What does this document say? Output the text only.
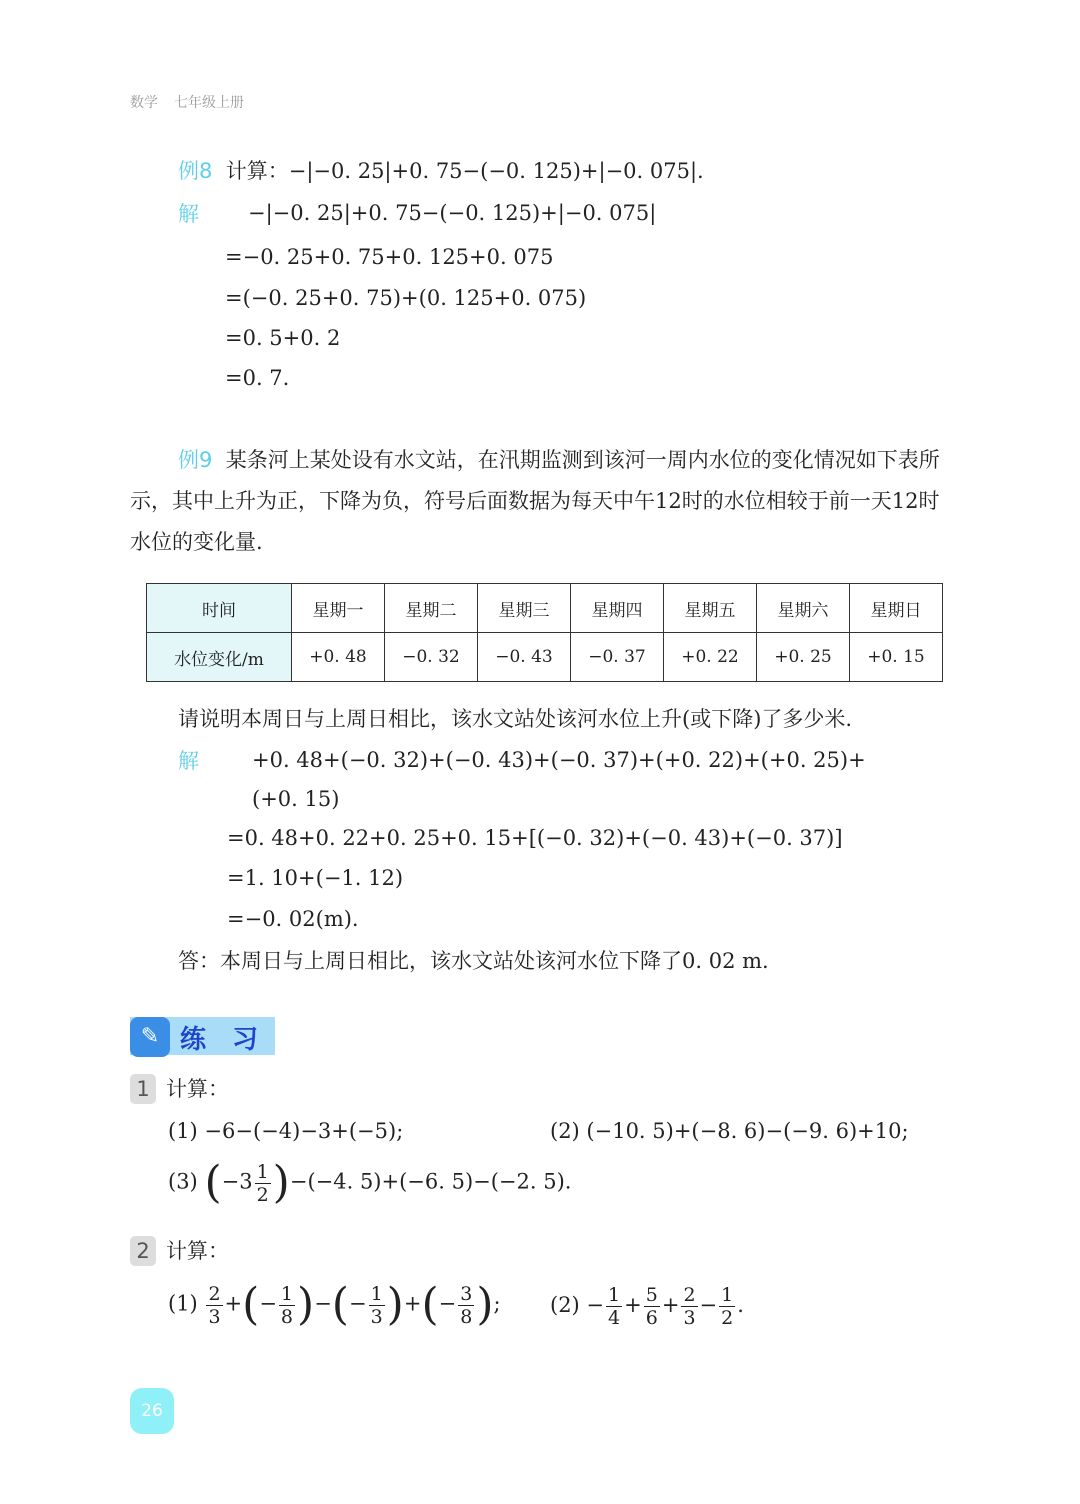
数学 七年级上册
例8 计算：−|−0. 25|+0. 75−(−0. 125)+|−0. 075|.
解 −|−0. 25|+0. 75−(−0. 125)+|−0. 075|
=−0. 25+0. 75+0. 125+0. 075
=(−0. 25+0. 75)+(0. 125+0. 075)
=0. 5+0. 2
=0. 7.
例9 某条河上某处设有水文站，在汛期监测到该河一周内水位的变化情况如下表所示，其中上升为正，下降为负，符号后面数据为每天中午12时的水位相较于前一天12时水位的变化量.
时间	星期一	星期二	星期三	星期四	星期五	星期六	星期日
水位变化/m	+0. 48	−0. 32	−0. 43	−0. 37	+0. 22	+0. 25	+0. 15
请说明本周日与上周日相比，该水文站处该河水位上升(或下降)了多少米.
解	+0. 48+(−0. 32)+(−0. 43)+(−0. 37)+(+0. 22)+(+0. 25)+
(+0. 15)
=0. 48+0. 22+0. 25+0. 15+[(−0. 32)+(−0. 43)+(−0. 37)]
=1. 10+(−1. 12)
=−0. 02(m).
答：本周日与上周日相比，该水文站处该河水位下降了0. 02 m.
✎ 练习
1 计算：
(1) −6−(−4)−3+(−5);	(2) (−10. 5)+(−8. 6)−(−9. 6)+10;
(3) $(-3 \frac{1}{2} )-(-4$. 5)+(−6. 5)−(−2. 5).
2 计算：
$(1) \frac{2}{3}$ +(− $\frac{1}{8}$ )−(− $\frac{1}{3}$ )+(− $\frac{3}{8}$ ); $(2) - \frac{1}{4} + \frac{5}{6} + \frac{2}{3} - \frac{1}{2}$ .
26
